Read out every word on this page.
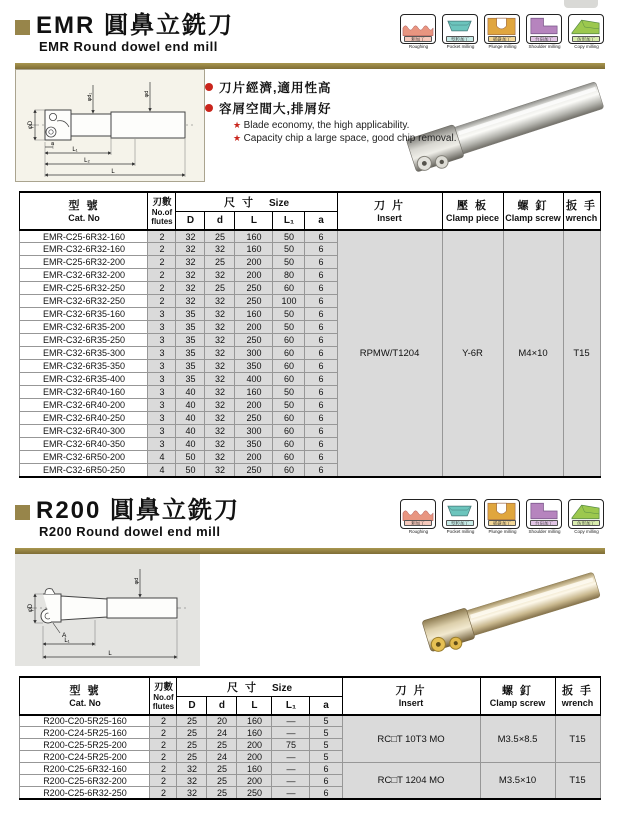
EMR 圓鼻立銑刀
EMR Round dowel end mill
粗加工
Roughing
型腔加工
Pocket milling
插銑加工
Plunge milling
台肩加工
Shoulder milling
仿形加工
Copy milling
φD
φd₁	φd
a
L₁
L₂
L
刀片經濟,適用性高
容屑空間大,排屑好
★ Blade economy, the high applicability.
★ Capacity chip a large space, good chip removal.
型 號
Cat. No

刃數
No.of
flutes
	尺 寸 Size	刀 片
Insert

壓 板
Clamp piece

螺 釘
Clamp screw

扳 手
wrench

		D	d	L	L₁	a				
EMR-C25-6R32-160	2	32	25	160	50	6	RPMW/T1204	Y-6R	M4×10	T15
EMR-C32-6R32-160	2	32	32	160	50	6				
EMR-C25-6R32-200	2	32	25	200	50	6				
EMR-C32-6R32-200	2	32	32	200	80	6				
EMR-C25-6R32-250	2	32	25	250	60	6				
EMR-C32-6R32-250	2	32	32	250	100	6				
EMR-C32-6R35-160	3	35	32	160	50	6				
EMR-C32-6R35-200	3	35	32	200	50	6				
EMR-C32-6R35-250	3	35	32	250	60	6				
EMR-C32-6R35-300	3	35	32	300	60	6				
EMR-C32-6R35-350	3	35	32	350	60	6				
EMR-C32-6R35-400	3	35	32	400	60	6				
EMR-C32-6R40-160	3	40	32	160	50	6				
EMR-C32-6R40-200	3	40	32	200	50	6				
EMR-C32-6R40-250	3	40	32	250	60	6				
EMR-C32-6R40-300	3	40	32	300	60	6				
EMR-C32-6R40-350	3	40	32	350	60	6				
EMR-C32-6R50-200	4	50	32	200	60	6				
EMR-C32-6R50-250	4	50	32	250	60	6				
R200 圓鼻立銑刀
R200 Round dowel end mill
粗加工
Roughing
型腔加工
Pocket milling
插銑加工
Plunge milling
台肩加工
Shoulder milling
仿形加工
Copy milling
φD
φd
A
L₁
L
型 號
Cat. No

刃數
No.of
flutes
	尺 寸 Size	刀 片
Insert

螺 釘
Clamp screw

扳 手
wrench

		D	d	L	L₁	a			
R200-C20-5R25-160	2	25	20	160	—	5	RC□T 10T3 MO	M3.5×8.5	T15
R200-C24-5R25-160	2	25	24	160	—	5			
R200-C25-5R25-200	2	25	25	200	75	5			
R200-C24-5R25-200	2	25	24	200	—	5			
R200-C25-6R32-160	2	32	25	160	—	6	RC□T 1204 MO	M3.5×10	T15
R200-C25-6R32-200	2	32	25	200	—	6			
R200-C25-6R32-250	2	32	25	250	—	6			
